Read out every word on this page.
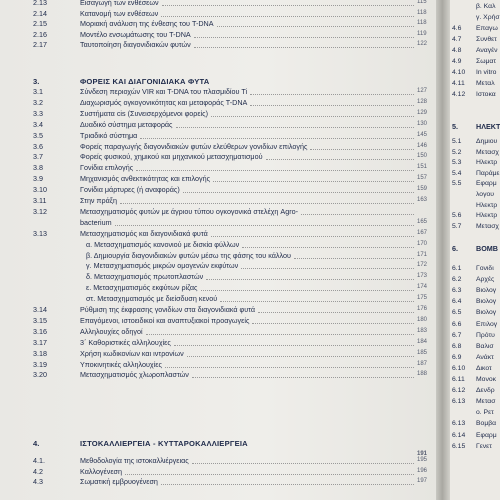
2.13	Εισαγωγή των ενθέσεων	115
2.14	Κατανομή των ενθέσεων	118
2.15	Μοριακή ανάλυση της ένθεσης του T-DNA	118
2.16	Μοντέλο ενσωμάτωσης του T-DNA	119
2.17	Ταυτοποίηση διαγονιδιακών φυτών	122
3.	ΦΟΡΕΙΣ ΚΑΙ ΔΙΑΓΟΝΙΔΙΑΚΑ ΦΥΤΑ
3.1	Σύνδεση περιοχών VIR και T-DNA του πλασμιδίου Ti	127
3.2	Διαχωρισμός ογκογονικότητας και μεταφοράς T-DNA	128
3.3	Συστήματα cis (Συνεισερχόμενοι φορείς)	129
3.4	Δυαδικό σύστημα μεταφοράς	130
3.5	Τριαδικό σύστημα	145
3.6	Φορείς παραγωγής διαγονιδιακών φυτών ελεύθερων γονιδίων επιλογής	146
3.7	Φορείς φυσικού, χημικού και μηχανικού μετασχηματισμού	150
3.8	Γονίδια επιλογής	151
3.9	Μηχανισμός ανθεκτικότητας και επιλογής	157
3.10	Γονίδια μάρτυρες (ή αναφοράς)	159
3.11	Στην πράξη	163
3.12	Μετασχηματισμός φυτών με άγριου τύπου ογκογονικά στελέχη Agro-
bacterium	165
3.13	Μετασχηματισμός και διαγονιδιακά φυτά	167
α. Μετασχηματισμός κανονιού με δισκία φύλλων	170
β. Δημιουργία διαγονιδιακών φυτών μέσω της φάσης του κάλλου	171
γ. Μετασχηματισμός μικρών ομογενών εκφύτων	172
δ. Μετασχηματισμός πρωτοπλαστών	173
ε. Μετασχηματισμός εκφύτων ρίζας	174
στ. Μετασχηματισμός με διείσδυση κενού	175
3.14	Ρύθμιση της έκφρασης γονιδίων στα διαγονιδιακά φυτά	176
3.15	Επαγόμενοι, ιστοειδικοί και αναπτυξιακοί προαγωγείς	180
3.16	Αλληλουχίες οδηγοί	183
3.17	3΄ Καθοριστικές αλληλουχίες	184
3.18	Χρήση κωδικονίων και ιντρονίων	185
3.19	Υποκινητικές αλληλουχίες	187
3.20	Μετασχηματισμός χλωροπλαστών	188
4.	ΙΣΤΟΚΑΛΛΙΕΡΓΕΙΑ - ΚΥΤΤΑΡΟΚΑΛΛΙΕΡΓΕΙΑ
191
4.1.	Μεθοδολογία της ιστοκαλλιέργειας	195
4.2	Καλλογένεση	196
4.3	Σωματική εμβρυογένεση	197
β. Καλ
γ. Χρήσ
4.6	Επαγω
4.7	Συνθετ
4.8	Αναγέν
4.9	Σωματ
4.10	In vitro
4.11	Μεταλ
4.12	Ιστοκα
5.	ΗΛΕΚΤ
5.1	Δημιου
5.2	Μετασχ
5.3	Ηλεκτρ
5.4	Παράμε
5.5	Εφαρμ
λογου
Ηλεκτρ
5.6	Ηλεκτρ
5.7	Μετασχ
6.	ΒΟΜΒ
6.1	Γονιδι
6.2	Αρχές
6.3	Βιολογ
6.4	Βιολογ
6.5	Βιολογ
6.6	Επιλογ
6.7	Πρότυ
6.8	Βαλισ
6.9	Ανάκτ
6.10	Δικοτ
6.11	Μονοκ
6.12	Δενδρ
6.13	Μετασ
ο. Ρετ
6.13	Βομβα
6.14	Εφαρμ
6.15	Γενετ
